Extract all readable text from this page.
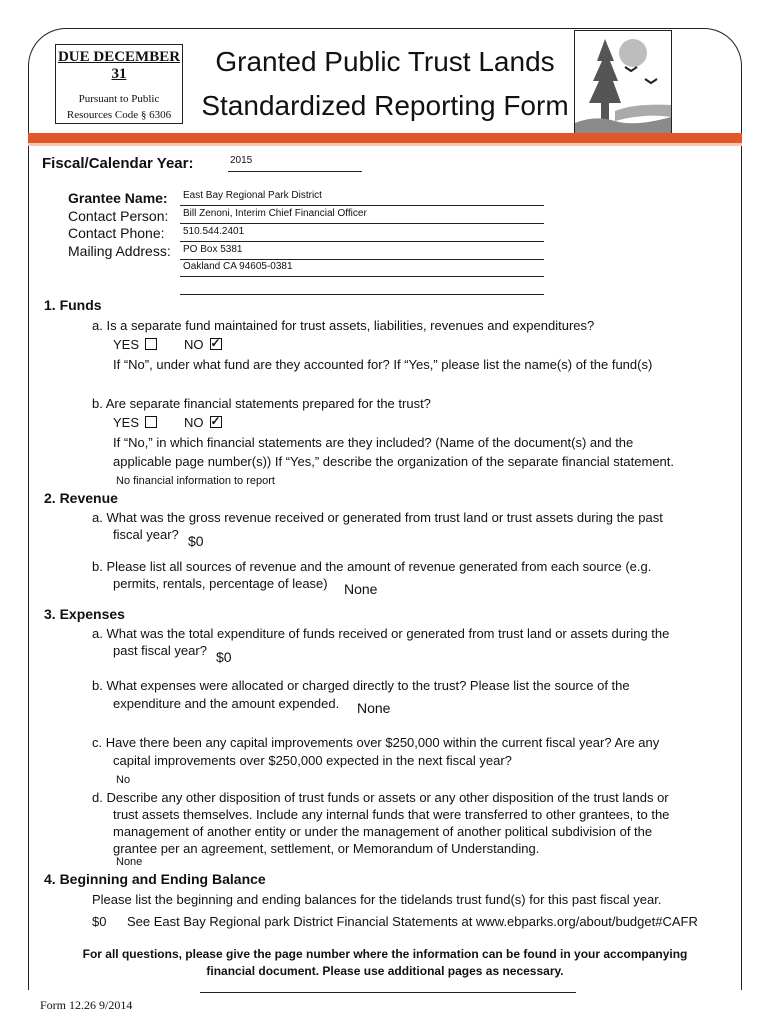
DUE DECEMBER 31
Pursuant to Public
Resources Code § 6306
Granted Public Trust Lands
Standardized Reporting Form
Fiscal/Calendar Year:	2015
Grantee Name: East Bay Regional Park District
Contact Person: Bill Zenoni, Interim Chief Financial Officer
Contact Phone: 510.544.2401
Mailing Address: PO Box 5381
Oakland CA 94605-0381
1. Funds
a. Is a separate fund maintained for trust assets, liabilities, revenues and expenditures?
YES	NO✓
If “No”, under what fund are they accounted for? If “Yes,” please list the name(s) of the fund(s)
b. Are separate financial statements prepared for the trust?
YES	NO✓
If “No,” in which financial statements are they included? (Name of the document(s) and the
applicable page number(s)) If “Yes,” describe the organization of the separate financial statement.
No financial information to report
2. Revenue
a. What was the gross revenue received or generated from trust land or trust assets during the past
fiscal year? $0
b. Please list all sources of revenue and the amount of revenue generated from each source (e.g.
permits, rentals, percentage of lease) None
3. Expenses
a. What was the total expenditure of funds received or generated from trust land or assets during the
past fiscal year? $0
b. What expenses were allocated or charged directly to the trust? Please list the source of the
expenditure and the amount expended. None
c. Have there been any capital improvements over $250,000 within the current fiscal year? Are any
capital improvements over $250,000 expected in the next fiscal year?
No
d. Describe any other disposition of trust funds or assets or any other disposition of the trust lands or
trust assets themselves. Include any internal funds that were transferred to other grantees, to the
management of another entity or under the management of another political subdivision of the
grantee per an agreement, settlement, or Memorandum of Understanding.
None
4. Beginning and Ending Balance
Please list the beginning and ending balances for the tidelands trust fund(s) for this past fiscal year.
$0 See East Bay Regional park District Financial Statements at www.ebparks.org/about/budget#CAFR
For all questions, please give the page number where the information can be found in your accompanying
financial document. Please use additional pages as necessary.
Form 12.26 9/2014
